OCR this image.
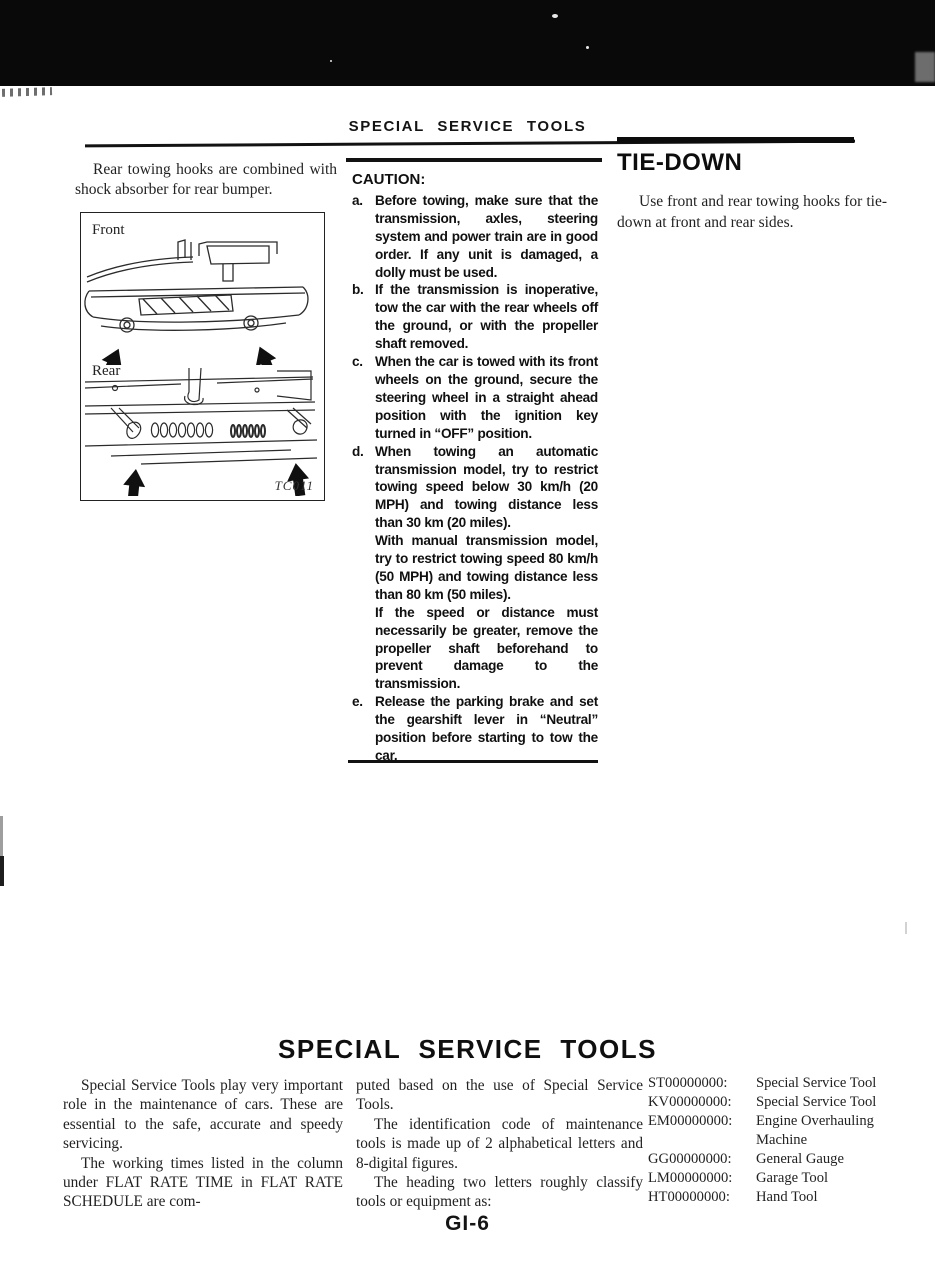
SPECIAL SERVICE TOOLS
Rear towing hooks are combined with shock absorber for rear bumper.
Front
Rear
TC011
CAUTION:
a. Before towing, make sure that the transmission, axles, steering system and power train are in good order. If any unit is damaged, a dolly must be used.

b. If the transmission is inoperative, tow the car with the rear wheels off the ground, or with the propeller shaft removed.

c. When the car is towed with its front wheels on the ground, secure the steering wheel in a straight ahead position with the ignition key turned in “OFF” position.

d. When towing an automatic transmission model, try to restrict towing speed below 30 km/h (20 MPH) and towing distance less than 30 km (20 miles).

With manual transmission model, try to restrict towing speed 80 km/h (50 MPH) and towing distance less than 80 km (50 miles).

If the speed or distance must necessarily be greater, remove the propeller shaft beforehand to prevent damage to the transmission.

e. Release the parking brake and set the gearshift lever in “Neutral” position before starting to tow the car.

TIE-DOWN
Use front and rear towing hooks for tie-down at front and rear sides.
SPECIAL SERVICE TOOLS

Special Service Tools play very important role in the maintenance of cars. These are essential to the safe, accurate and speedy servicing.

The working times listed in the column under FLAT RATE TIME in FLAT RATE SCHEDULE are com-

puted based on the use of Special Service Tools.

The identification code of maintenance tools is made up of 2 alphabetical letters and 8-digital figures.

The heading two letters roughly classify tools or equipment as:

ST00000000:	Special Service Tool
KV00000000:	Special Service Tool
EM00000000:	Engine Overhauling Machine
GG00000000:	General Gauge
LM00000000:	Garage Tool
HT00000000:	Hand Tool
GI-6
